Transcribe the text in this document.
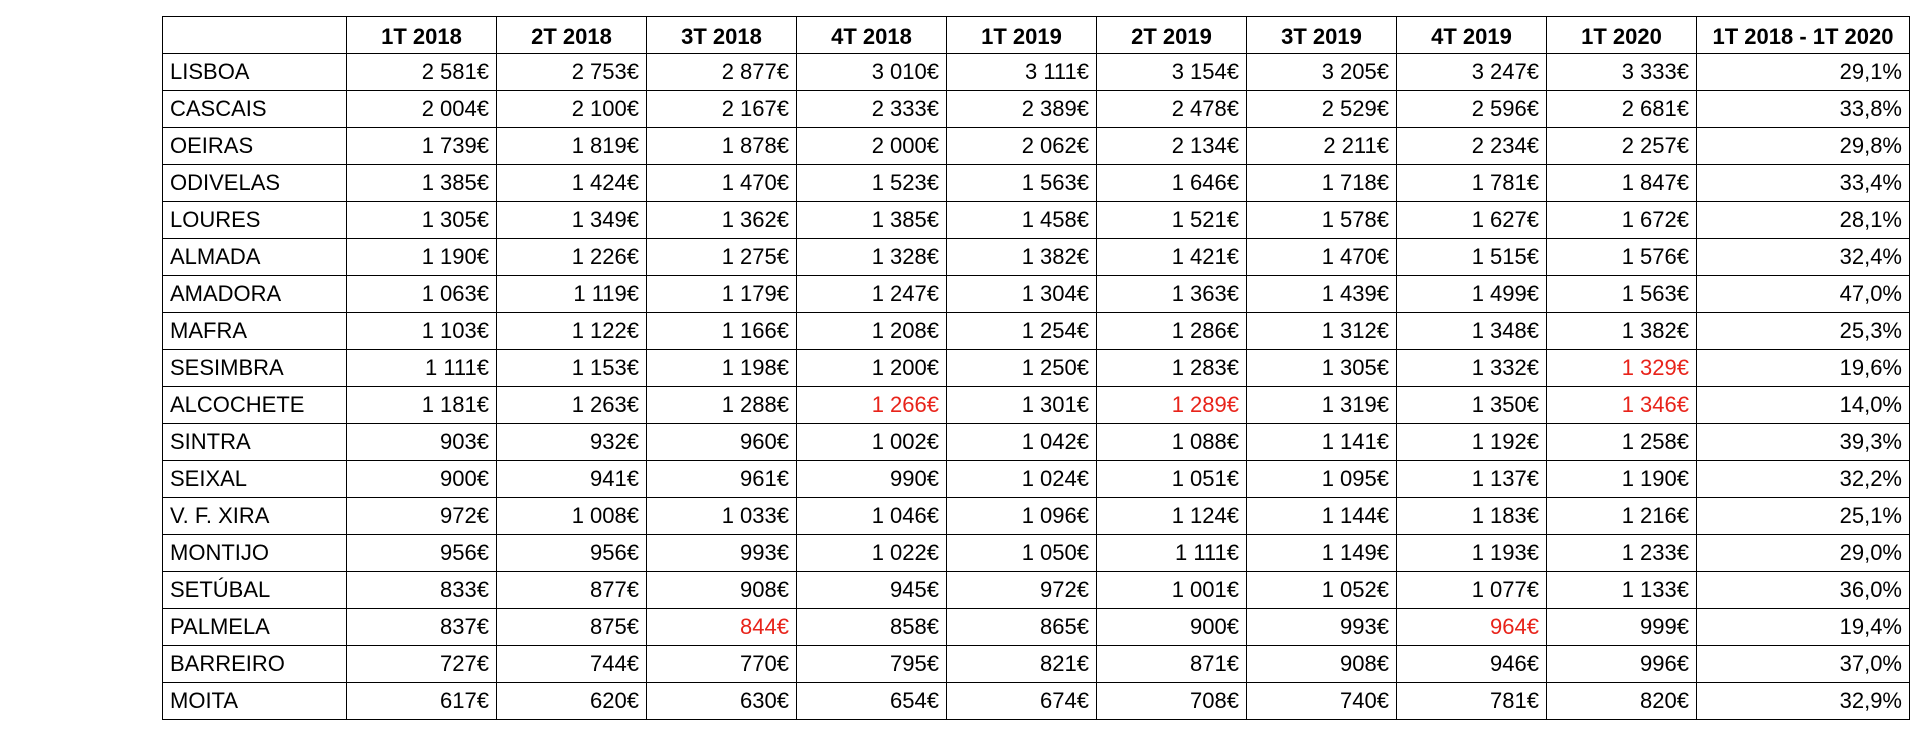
	1T 2018	2T 2018	3T 2018	4T 2018	1T 2019	2T 2019	3T 2019	4T 2019	1T 2020	1T 2018 - 1T 2020
LISBOA	2 581€	2 753€	2 877€	3 010€	3 111€	3 154€	3 205€	3 247€	3 333€	29,1%
CASCAIS	2 004€	2 100€	2 167€	2 333€	2 389€	2 478€	2 529€	2 596€	2 681€	33,8%
OEIRAS	1 739€	1 819€	1 878€	2 000€	2 062€	2 134€	2 211€	2 234€	2 257€	29,8%
ODIVELAS	1 385€	1 424€	1 470€	1 523€	1 563€	1 646€	1 718€	1 781€	1 847€	33,4%
LOURES	1 305€	1 349€	1 362€	1 385€	1 458€	1 521€	1 578€	1 627€	1 672€	28,1%
ALMADA	1 190€	1 226€	1 275€	1 328€	1 382€	1 421€	1 470€	1 515€	1 576€	32,4%
AMADORA	1 063€	1 119€	1 179€	1 247€	1 304€	1 363€	1 439€	1 499€	1 563€	47,0%
MAFRA	1 103€	1 122€	1 166€	1 208€	1 254€	1 286€	1 312€	1 348€	1 382€	25,3%
SESIMBRA	1 111€	1 153€	1 198€	1 200€	1 250€	1 283€	1 305€	1 332€	1 329€	19,6%
ALCOCHETE	1 181€	1 263€	1 288€	1 266€	1 301€	1 289€	1 319€	1 350€	1 346€	14,0%
SINTRA	903€	932€	960€	1 002€	1 042€	1 088€	1 141€	1 192€	1 258€	39,3%
SEIXAL	900€	941€	961€	990€	1 024€	1 051€	1 095€	1 137€	1 190€	32,2%
V. F. XIRA	972€	1 008€	1 033€	1 046€	1 096€	1 124€	1 144€	1 183€	1 216€	25,1%
MONTIJO	956€	956€	993€	1 022€	1 050€	1 111€	1 149€	1 193€	1 233€	29,0%
SETÚBAL	833€	877€	908€	945€	972€	1 001€	1 052€	1 077€	1 133€	36,0%
PALMELA	837€	875€	844€	858€	865€	900€	993€	964€	999€	19,4%
BARREIRO	727€	744€	770€	795€	821€	871€	908€	946€	996€	37,0%
MOITA	617€	620€	630€	654€	674€	708€	740€	781€	820€	32,9%
